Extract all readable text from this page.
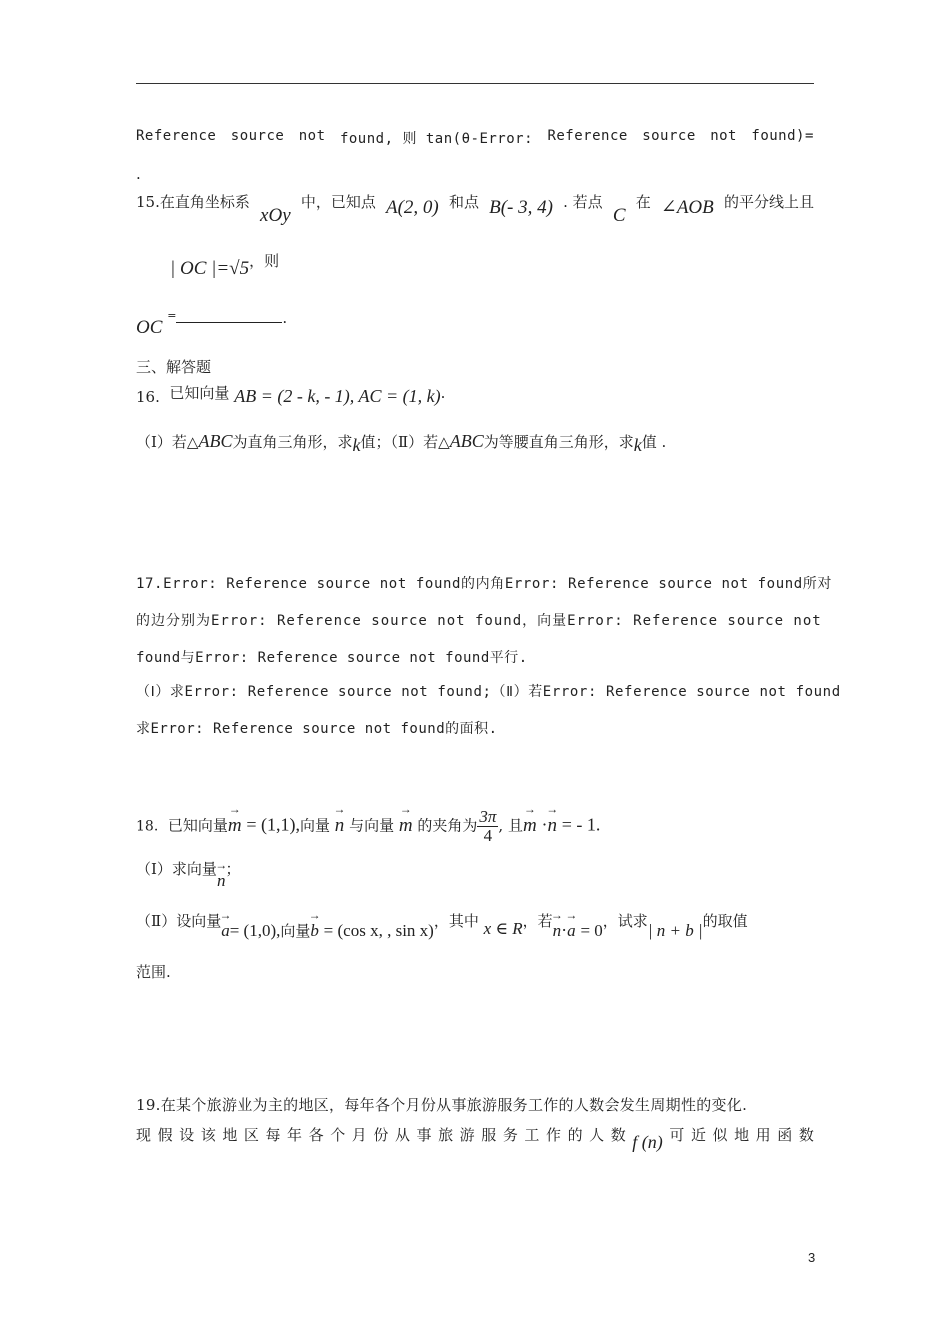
Reference source not found, 则 tan(θ-Error: Reference source not found)=
.
15.在直角坐标系
xOy
中，已知点 A(2, 0) 和点 B(- 3, 4) . 若点
C
在 ∠AOB 的平分线上且
| OC |=√5，则
OC =	.
三、解答题
16. 已知向量 AB = (2 - k, - 1), AC = (1, k)·
（Ⅰ）若△ABC为直角三角形，求k值；（Ⅱ）若△ABC为等腰直角三角形，求k值 .
17.Error: Reference source not found的内角Error: Reference source not found所对
的边分别为Error: Reference source not found，向量Error: Reference source not
found与Error: Reference source not found平行.
（Ⅰ）求Error: Reference source not found;（Ⅱ）若Error: Reference source not found
求Error: Reference source not found的面积.
18. 已知向量→ m = (1,1),向量 → n 与向量 → m 的夹角为 $\frac{3\pi}{4}$ , 且→ m ·→ n = - 1.
（Ⅰ）求向量→ n；
（Ⅱ）设向量→ a= (1,0),向量→ b = (cos x, , sin x)，其中 x ∈ R，若→ n·→ a = 0，试求| n + b |的取值
范围.
19.在某个旅游业为主的地区，每年各个月份从事旅游服务工作的人数会发生周期性的变化.
现 假 设 该 地 区 每 年 各 个 月 份 从 事 旅 游 服 务 工 作 的 人 数 f (n) 可 近 似 地 用 函 数
3
